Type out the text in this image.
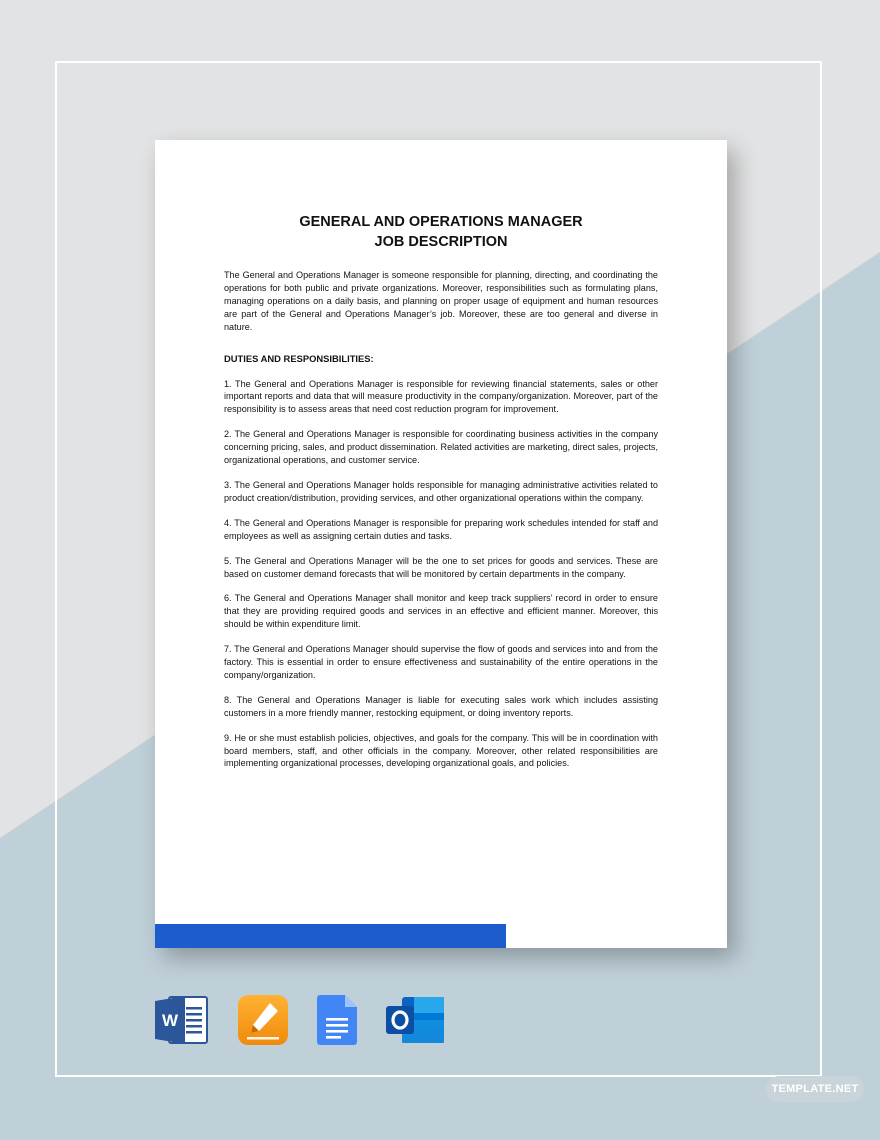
GENERAL AND OPERATIONS MANAGER
JOB DESCRIPTION

The General and Operations Manager is someone responsible for planning, directing, and coordinating the operations for both public and private organizations. Moreover, responsibilities such as formulating plans, managing operations on a daily basis, and planning on proper usage of equipment and human resources are part of the General and Operations Manager’s job. Moreover, these are too general and diverse in nature.

DUTIES AND RESPONSIBILITIES:

1. The General and Operations Manager is responsible for reviewing financial statements, sales or other important reports and data that will measure productivity in the company/organization. Moreover, part of the responsibility is to assess areas that need cost reduction program for improvement.

2. The General and Operations Manager is responsible for coordinating business activities in the company concerning pricing, sales, and product dissemination. Related activities are marketing, direct sales, projects, organizational operations, and customer service.

3. The General and Operations Manager holds responsible for managing administrative activities related to product creation/distribution, providing services, and other organizational operations within the company.

4. The General and Operations Manager is responsible for preparing work schedules intended for staff and employees as well as assigning certain duties and tasks.

5. The General and Operations Manager will be the one to set prices for goods and services. These are based on customer demand forecasts that will be monitored by certain departments in the company.

6. The General and Operations Manager shall monitor and keep track suppliers’ record in order to ensure that they are providing required goods and services in an effective and efficient manner. Moreover, this should be within expenditure limit.

7. The General and Operations Manager should supervise the flow of goods and services into and from the factory. This is essential in order to ensure effectiveness and sustainability of the entire operations in the company/organization.

8. The General and Operations Manager is liable for executing sales work which includes assisting customers in a more friendly manner, restocking equipment, or doing inventory reports.

9. He or she must establish policies, objectives, and goals for the company. This will be in coordination with board members, staff, and other officials in the company. Moreover, other related responsibilities are implementing organizational processes, developing organizational goals, and policies.

W
TEMPLATE.NET
